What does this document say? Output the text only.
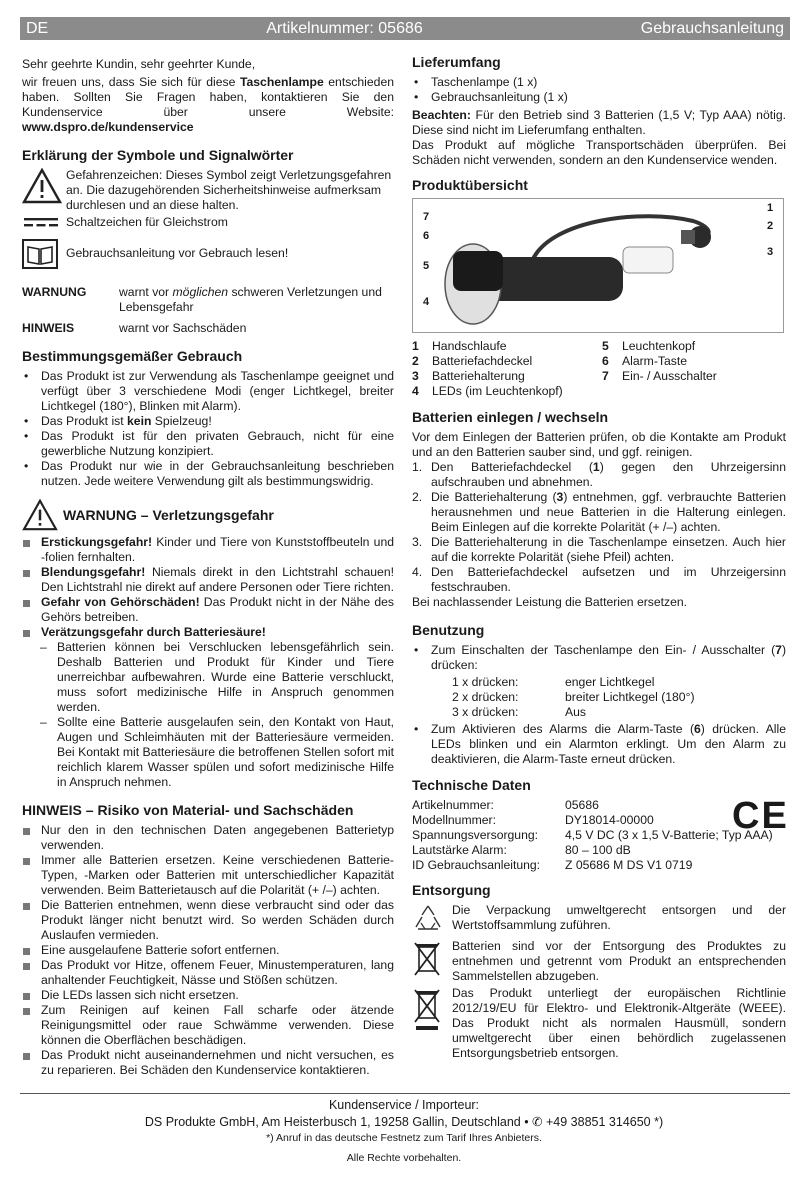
DE	Artikelnummer: 05686	Gebrauchsanleitung

Sehr geehrte Kundin, sehr geehrter Kunde,

wir freuen uns, dass Sie sich für diese Taschenlampe entschieden haben. Sollten Sie Fragen haben, kontaktieren Sie den Kundenservice über unsere Website: www.dspro.de/kundenservice

Erklärung der Symbole und Signalwörter

Gefahrenzeichen: Dieses Symbol zeigt Verletzungsgefahren an. Die dazugehörenden Sicherheitshinweise aufmerksam durchlesen und an diese halten.

Schaltzeichen für Gleichstrom

Gebrauchsanleitung vor Gebrauch lesen!

WARNUNG	warnt vor möglichen schweren Verletzungen und Lebensgefahr
HINWEIS	warnt vor Sachschäden
Bestimmungsgemäßer Gebrauch
• Das Produkt ist zur Verwendung als Taschenlampe geeignet und verfügt über 3 verschiedene Modi (enger Lichtkegel, breiter Lichtkegel (180°), Blinken mit Alarm).
• Das Produkt ist kein Spielzeug!
• Das Produkt ist für den privaten Gebrauch, nicht für eine gewerbliche Nutzung konzipiert.
• Das Produkt nur wie in der Gebrauchsanleitung beschrieben nutzen. Jede weitere Verwendung gilt als bestimmungswidrig.
WARNUNG – Verletzungsgefahr
Erstickungsgefahr! Kinder und Tiere von Kunststoffbeuteln und -folien fernhalten.
Blendungsgefahr! Niemals direkt in den Lichtstrahl schauen! Den Lichtstrahl nie direkt auf andere Personen oder Tiere richten.
Gefahr von Gehörschäden! Das Produkt nicht in der Nähe des Gehörs betreiben.
Verätzungsgefahr durch Batteriesäure!
– Batterien können bei Verschlucken lebensgefährlich sein. Deshalb Batterien und Produkt für Kinder und Tiere unerreichbar aufbewahren. Wurde eine Batterie verschluckt, muss sofort medizinische Hilfe in Anspruch genommen werden.
– Sollte eine Batterie ausgelaufen sein, den Kontakt von Haut, Augen und Schleimhäuten mit der Batteriesäure vermeiden. Bei Kontakt mit Batteriesäure die betroffenen Stellen sofort mit reichlich klarem Wasser spülen und sofort medizinische Hilfe in Anspruch nehmen.
HINWEIS – Risiko von Material- und Sachschäden
Nur den in den technischen Daten angegebenen Batterietyp verwenden.
Immer alle Batterien ersetzen. Keine verschiedenen Batterie-Typen, -Marken oder Batterien mit unterschiedlicher Kapazität verwenden. Beim Batterietausch auf die Polarität (+ /–) achten.
Die Batterien entnehmen, wenn diese verbraucht sind oder das Produkt länger nicht benutzt wird. So werden Schäden durch Auslaufen vermieden.
Eine ausgelaufene Batterie sofort entfernen.
Das Produkt vor Hitze, offenem Feuer, Minustemperaturen, lang anhaltender Feuchtigkeit, Nässe und Stößen schützen.
Die LEDs lassen sich nicht ersetzen.
Zum Reinigen auf keinen Fall scharfe oder ätzende Reinigungsmittel oder raue Schwämme verwenden. Diese können die Oberflächen beschädigen.
Das Produkt nicht auseinandernehmen und nicht versuchen, es zu reparieren. Bei Schäden den Kundenservice kontaktieren.
Lieferumfang
• Taschenlampe (1 x)
• Gebrauchsanleitung (1 x)

Beachten: Für den Betrieb sind 3 Batterien (1,5 V; Typ AAA) nötig. Diese sind nicht im Lieferumfang enthalten.

Das Produkt auf mögliche Transportschäden überprüfen. Bei Schäden nicht verwenden, sondern an den Kundenservice wenden.

Produktübersicht
1
2
3
4
5
6
7
1	Handschlaufe	5	Leuchtenkopf
2	Batteriefachdeckel	6	Alarm-Taste
3	Batteriehalterung	7	Ein- / Ausschalter
4	LEDs (im Leuchtenkopf)
Batterien einlegen / wechseln

Vor dem Einlegen der Batterien prüfen, ob die Kontakte am Produkt und an den Batterien sauber sind, und ggf. reinigen.

1. Den Batteriefachdeckel (1) gegen den Uhrzeigersinn aufschrauben und abnehmen.
2. Die Batteriehalterung (3) entnehmen, ggf. verbrauchte Batterien herausnehmen und neue Batterien in die Halterung einlegen. Beim Einlegen auf die korrekte Polarität (+ /–) achten.
3. Die Batteriehalterung in die Taschenlampe einsetzen. Auch hier auf die korrekte Polarität (siehe Pfeil) achten.
4. Den Batteriefachdeckel aufsetzen und im Uhrzeigersinn festschrauben.

Bei nachlassender Leistung die Batterien ersetzen.

Benutzung
• Zum Einschalten der Taschenlampe den Ein- / Ausschalter (7) drücken:
1 x drücken:	enger Lichtkegel
2 x drücken:	breiter Lichtkegel (180°)
3 x drücken:	Aus
• Zum Aktivieren des Alarms die Alarm-Taste (6) drücken. Alle LEDs blinken und ein Alarmton erklingt. Um den Alarm zu deaktivieren, die Alarm-Taste erneut drücken.
Technische Daten
Artikelnummer:	05686
Modellnummer:	DY18014-00000
Spannungsversorgung:	4,5 V DC (3 x 1,5 V-Batterie; Typ AAA)
Lautstärke Alarm:	80 – 100 dB
ID Gebrauchsanleitung:	Z 05686 M DS V1 0719
CE
Entsorgung

Die Verpackung umweltgerecht entsorgen und der Wertstoffsammlung zuführen.

Batterien sind vor der Entsorgung des Produktes zu entnehmen und getrennt vom Produkt an entsprechenden Sammelstellen abzugeben.

Das Produkt unterliegt der europäischen Richtlinie 2012/19/EU für Elektro- und Elektronik-Altgeräte (WEEE). Das Produkt nicht als normalen Hausmüll, sondern umweltgerecht über einen behördlich zugelassenen Entsorgungsbetrieb entsorgen.

Kundenservice / Importeur:
DS Produkte GmbH, Am Heisterbusch 1, 19258 Gallin, Deutschland • ✆ +49 38851 314650 *)
*) Anruf in das deutsche Festnetz zum Tarif Ihres Anbieters.
Alle Rechte vorbehalten.
